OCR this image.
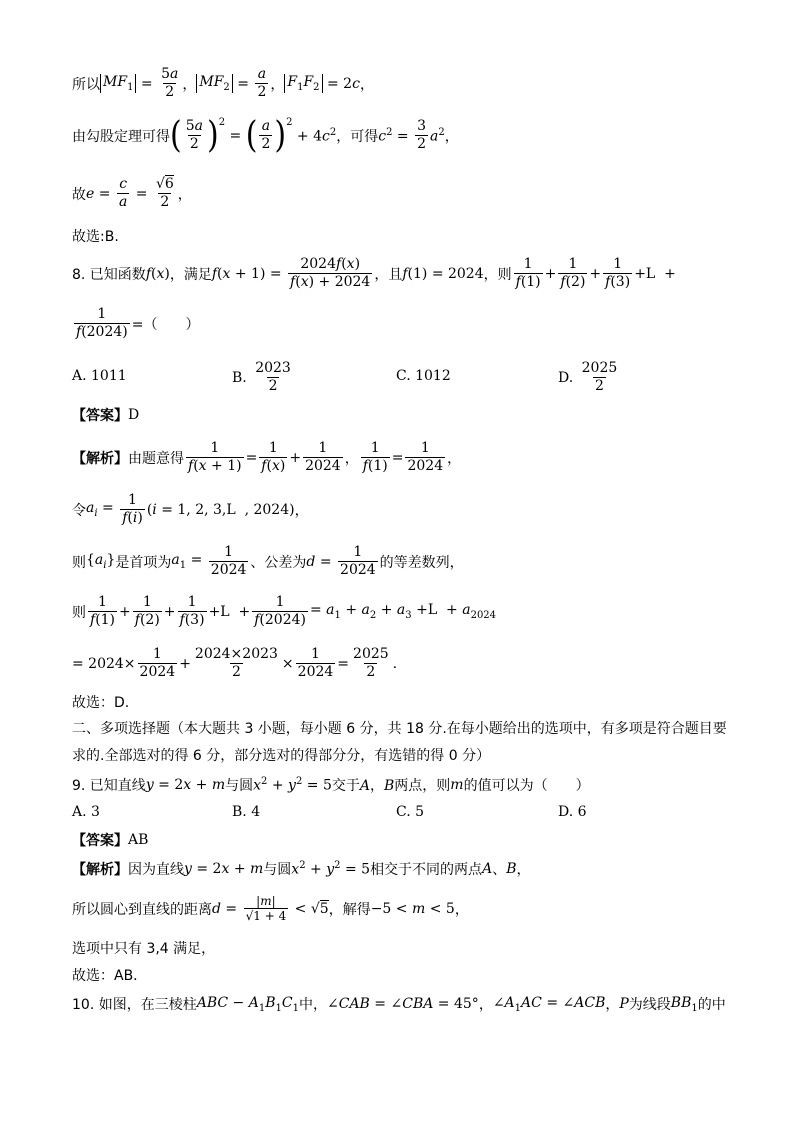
所以 $MF_1 = \frac{5a}{2}$ ， $MF_2 = \frac{a}{2}$ ， $F_1F_2 = 2c$ ，
由勾股定理可得 ( $\frac{5a}{2}$ ) 2
= ( $\frac{a}{2}$ ) 2
+ $4c^2$ ，可得 $c^2 = \frac{3}{2} a^2$ ，
故 $e = \frac{c}{a} = \frac{√6}{2}$ ，
故选:B.
8. 已知函数 f(x) ，满足 $f(x + 1) = \frac{2024f(x)}{f(x) + 2024}$ ，且 f(1) = 2024 ，则 $\frac{1}{f(1)} + \frac{1}{f(2)} + \frac{1}{f(3)} +L$  +
$\frac{1}{f(2024)}$ =（　　）
A. 1011	B.
$\frac{2023}{2}$	C. 1012	D.
$\frac{2025}{2}$
【答案】 D
【解析】 由题意得 $\frac{1}{f(x + 1)} = \frac{1}{f(x)} + \frac{1}{2024}$ ， $\frac{1}{f(1)} = \frac{1}{2024}$ ，
令 $a_i = \frac{1}{f(i)} (i = 1$, 2, 3,L  , 2024) ，
则 $\{a_i\}$ 是首项为 $a_1 = \frac{1}{2024}$ 、公差为 $d = \frac{1}{2024}$ 的等差数列，
则 $\frac{1}{f(1)} + \frac{1}{f(2)} + \frac{1}{f(3)} +L + \frac{1}{f(2024)} = a_1 + a_2 + a_3 +L + a_{2024}$
= $2024\times \frac{1}{2024} + \frac{2024\times 2023}{2} \times \frac{1}{2024} = \frac{2025}{2}$ .
故选：D.
二、多项选择题（本大题共 3 小题，每小题 6 分，共 18 分.在每小题给出的选项中，有多项是符合题目要
求的.全部选对的得 6 分，部分选对的得部分分，有选错的得 0 分）
9. 已知直线 y = 2x + m 与圆 $x^2 + y^2 = 5$ 交于 A，B 两点，则 m 的值可以为（　　）
A. 3	B. 4	C. 5	D. 6
【答案】 AB
【解析】 因为直线 y = 2x + m 与圆 $x^2 + y^2 = 5$ 相交于不同的两点 A 、 B ，
所以圆心到直线的距离 $d = \frac{|m|}{√1 + 4} < √5$ ，解得 −5 < m < 5 ，
选项中只有 3,4 满足，
故选：AB．
10. 如图，在三棱柱 ABC − $A_1B_1C_1$ 中， ∠CAB = ∠CBA = 45° ， $\angle A_1AC$ = ∠ACB ， P 为线段 $BB_1$ 的中
